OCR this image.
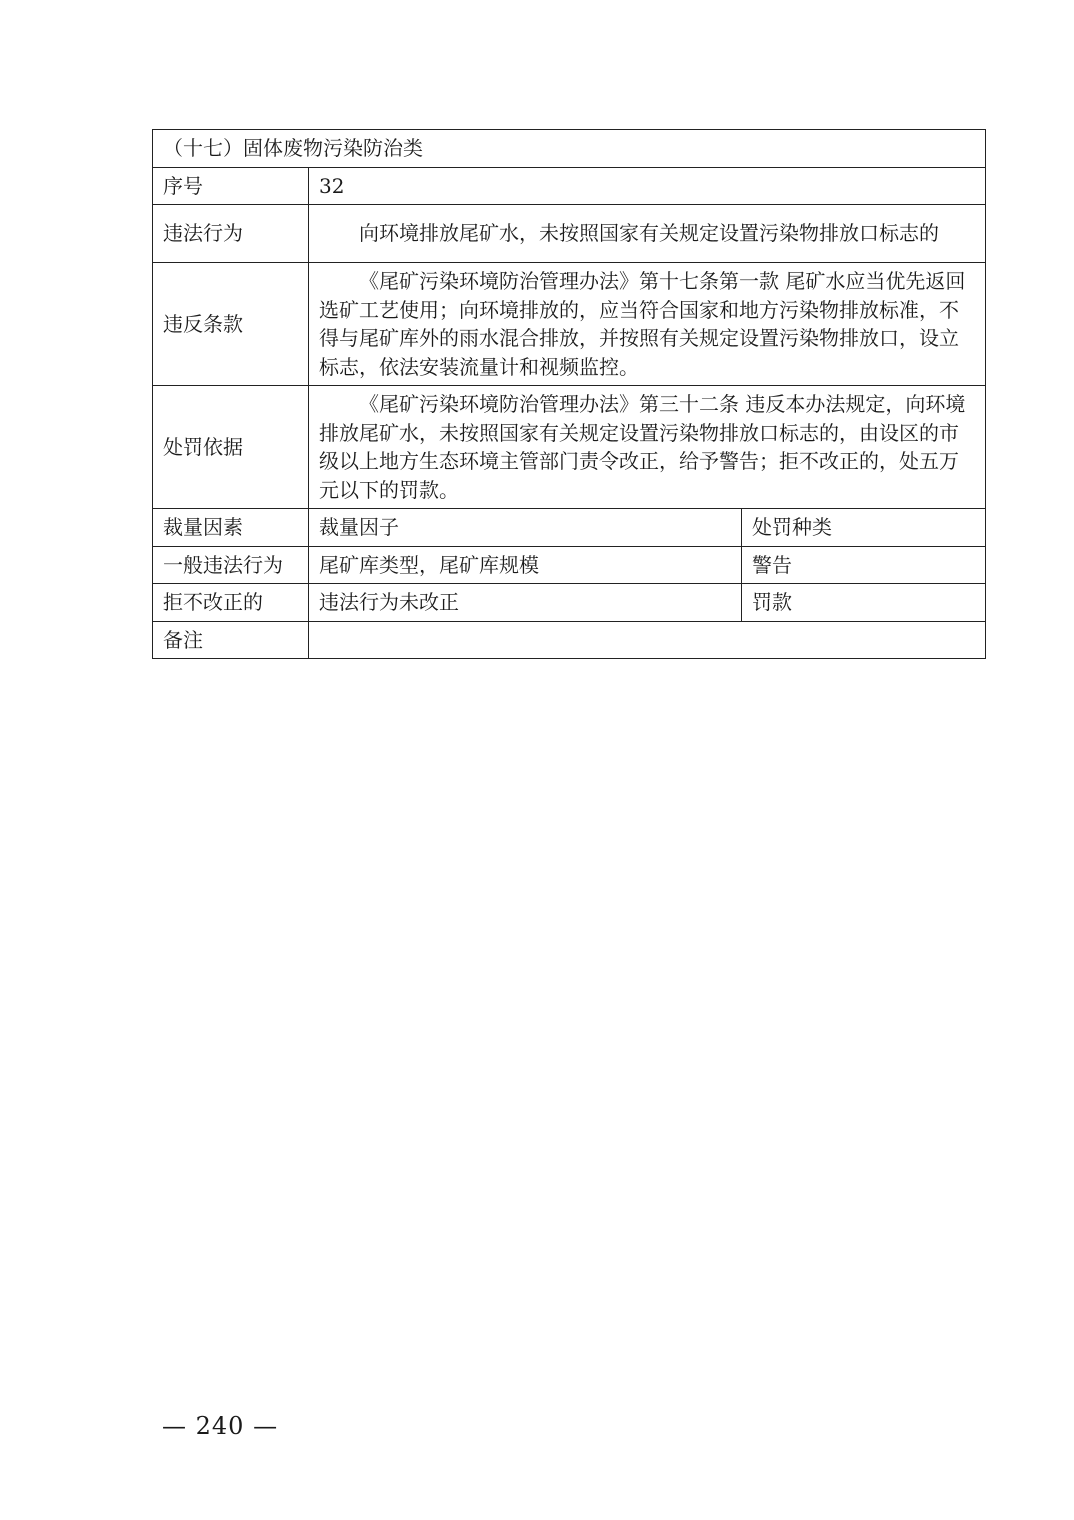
（十七）固体废物污染防治类		
序号	32	
违法行为	向环境排放尾矿水，未按照国家有关规定设置污染物排放口标志的	
违反条款	《尾矿污染环境防治管理办法》第十七条第一款 尾矿水应当优先返回选矿工艺使用；向环境排放的，应当符合国家和地方污染物排放标准，不得与尾矿库外的雨水混合排放，并按照有关规定设置污染物排放口，设立标志，依法安装流量计和视频监控。	
处罚依据	《尾矿污染环境防治管理办法》第三十二条 违反本办法规定，向环境排放尾矿水，未按照国家有关规定设置污染物排放口标志的，由设区的市级以上地方生态环境主管部门责令改正，给予警告；拒不改正的，处五万元以下的罚款。	
裁量因素	裁量因子	处罚种类
一般违法行为	尾矿库类型，尾矿库规模	警告
拒不改正的	违法行为未改正	罚款
备注		
— 240 —
